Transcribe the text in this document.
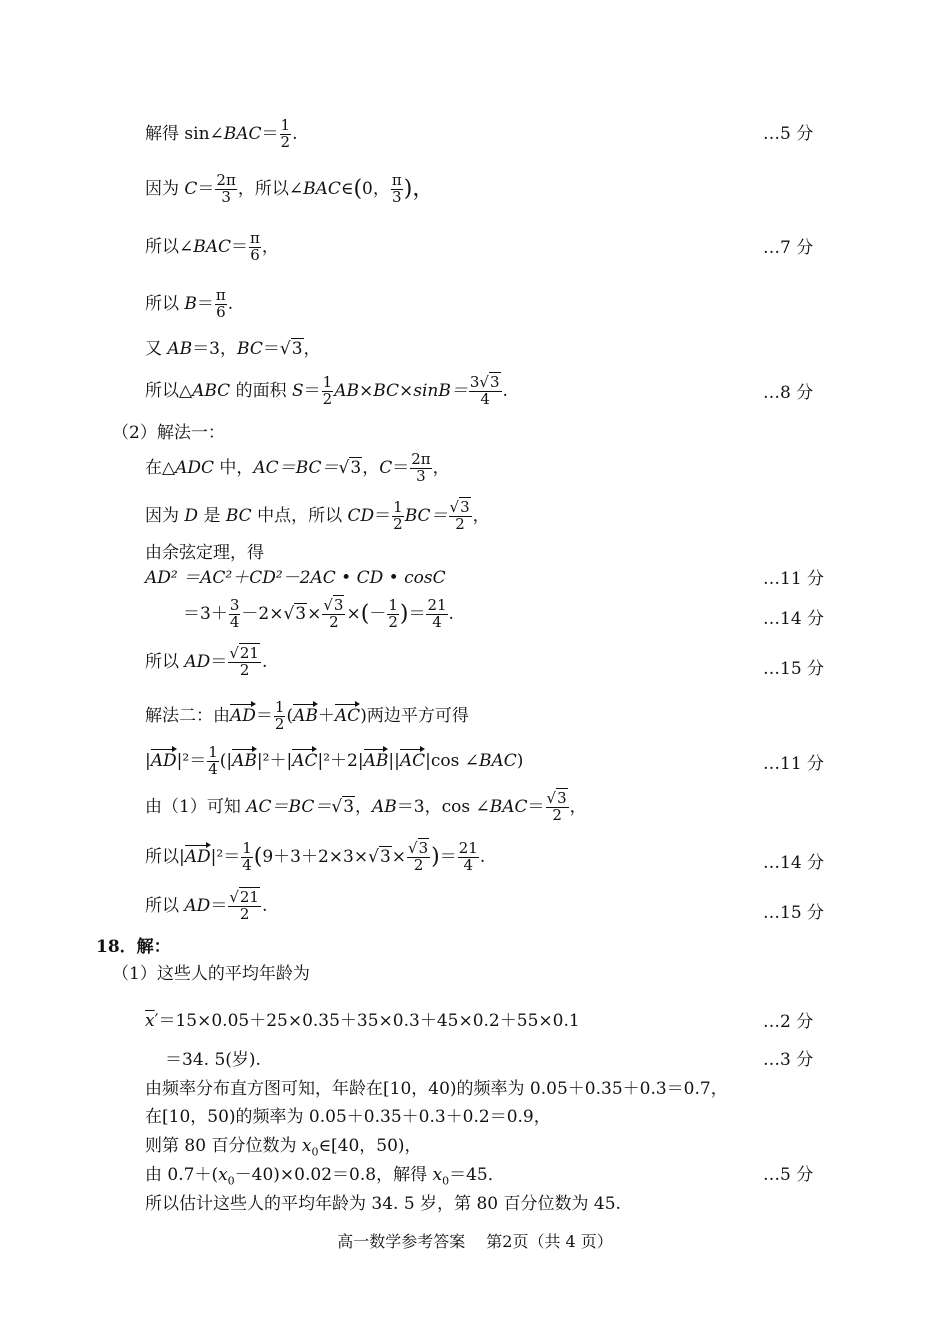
解得 sin∠BAC＝ $\frac{1}{2}$ .	…5 分
因为 $C= \frac{2\pi}{3}$ ，所以∠BAC∈(0， $\frac{\pi}{3}$ )，
所以∠BAC＝ $\frac{\pi}{6}$ ，	…7 分
所以 $B= \frac{\pi}{6}$ .
又 AB＝3，BC＝√3，
所以△ABC 的面积 $S= \frac{1}{2} AB\times BC\times\sin B= \frac{3√3}{4}$ .	…8 分
（2）解法一：
在△ADC 中，AC＝BC＝√3，$C= \frac{2\pi}{3}$ ，
因为 D 是 BC 中点，所以 $CD= \frac{1}{2} BC= \frac{√3}{2}$ ，
由余弦定理，得
AD² ＝AC²＋CD²－2AC • CD • cosC	…11 分
$=3+ \frac{3}{4} -2\times√3\times \frac{√3}{2}$ ×(－ $\frac{1}{2}$ )＝ $\frac{21}{4}$ .	…14 分
所以 $AD= \frac{√21}{2}$ .	…15 分
解法二：由$AD= \frac{1}{2} (AB+AC)$两边平方可得
$|AD|^2= \frac{1}{4} (|AB|^2+|AC|^2+2|AB||AC|\cos$ ∠BAC)	…11 分
由（1）可知 AC＝BC＝√3，AB＝3，cos ∠BAC＝ $\frac{√3}{2}$ ，
所以$|AD|^2= \frac{1}{4} (9+3+2\times 3\times√3\times \frac{√3}{2}$ )＝ $\frac{21}{4}$ .	…14 分
所以 $AD= \frac{√21}{2}$ .	…15 分
18．解：
（1）这些人的平均年龄为
$\overline{x}'=15\times 0.05+25\times 0.35+35\times 0.3+45\times 0.2+55\times 0.1$	…2 分
＝34. 5(岁).	…3 分
由频率分布直方图可知，年龄在[10，40)的频率为 0.05＋0.35＋0.3＝0.7，
在[10，50)的频率为 0.05＋0.35＋0.3＋0.2＝0.9，
则第 80 百分位数为 $x_0\in[40$，50)，
由 $0.7+(x_0-40)\times 0.02=0.8$，解得 $x_0=45$．	…5 分
所以估计这些人的平均年龄为 34. 5 岁，第 80 百分位数为 45.
高一数学参考答案　 第2页（共 4 页）
